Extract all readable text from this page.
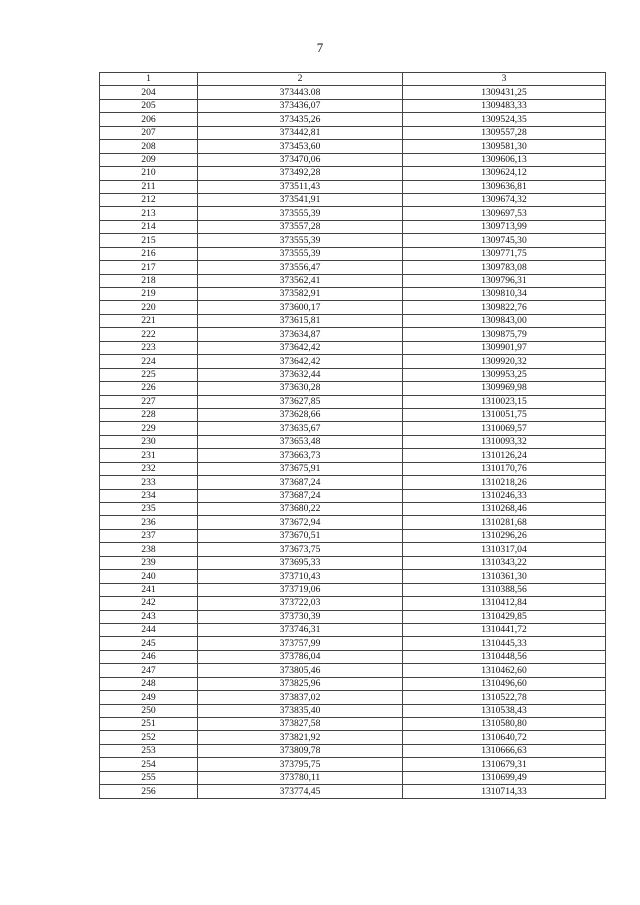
7
1	2	3
204	373443.08	1309431,25
205	373436,07	1309483,33
206	373435,26	1309524,35
207	373442,81	1309557,28
208	373453,60	1309581,30
209	373470,06	1309606,13
210	373492,28	1309624,12
211	373511,43	1309636,81
212	373541,91	1309674,32
213	373555,39	1309697,53
214	373557,28	1309713,99
215	373555,39	1309745,30
216	373555,39	1309771,75
217	373556,47	1309783,08
218	373562,41	1309796,31
219	373582,91	1309810,34
220	373600,17	1309822,76
221	373615,81	1309843,00
222	373634,87	1309875,79
223	373642,42	1309901,97
224	373642,42	1309920,32
225	373632,44	1309953,25
226	373630,28	1309969,98
227	373627,85	1310023,15
228	373628,66	1310051,75
229	373635,67	1310069,57
230	373653,48	1310093,32
231	373663,73	1310126,24
232	373675,91	1310170,76
233	373687,24	1310218,26
234	373687,24	1310246,33
235	373680,22	1310268,46
236	373672,94	1310281,68
237	373670,51	1310296,26
238	373673,75	1310317,04
239	373695,33	1310343,22
240	373710,43	1310361,30
241	373719,06	1310388,56
242	373722,03	1310412,84
243	373730,39	1310429,85
244	373746,31	1310441,72
245	373757,99	1310445,33
246	373786,04	1310448,56
247	373805,46	1310462,60
248	373825,96	1310496,60
249	373837,02	1310522,78
250	373835,40	1310538,43
251	373827,58	1310580,80
252	373821,92	1310640,72
253	373809,78	1310666,63
254	373795,75	1310679,31
255	373780,11	1310699,49
256	373774,45	1310714,33
